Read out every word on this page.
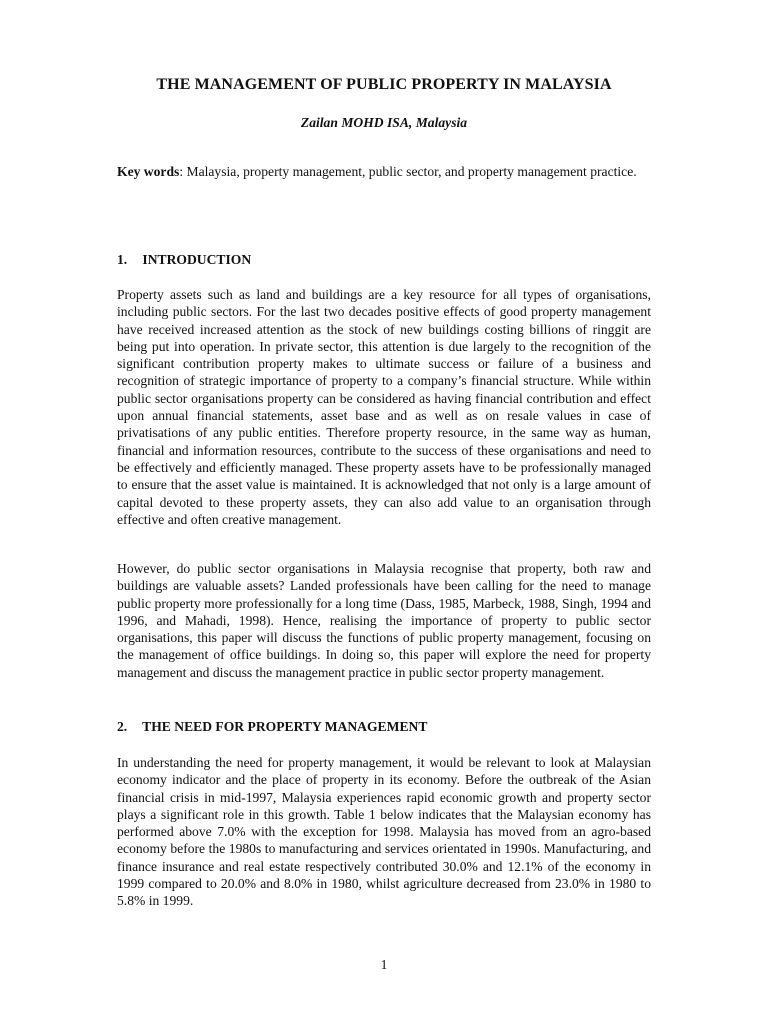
THE MANAGEMENT OF PUBLIC PROPERTY IN MALAYSIA

Zailan MOHD ISA, Malaysia

Key words: Malaysia, property management, public sector, and property management practice.

1. INTRODUCTION

Property assets such as land and buildings are a key resource for all types of organisations, including public sectors. For the last two decades positive effects of good property management have received increased attention as the stock of new buildings costing billions of ringgit are being put into operation. In private sector, this attention is due largely to the recognition of the significant contribution property makes to ultimate success or failure of a business and recognition of strategic importance of property to a company’s financial structure. While within public sector organisations property can be considered as having financial contribution and effect upon annual financial statements, asset base and as well as on resale values in case of privatisations of any public entities. Therefore property resource, in the same way as human, financial and information resources, contribute to the success of these organisations and need to be effectively and efficiently managed. These property assets have to be professionally managed to ensure that the asset value is maintained. It is acknowledged that not only is a large amount of capital devoted to these property assets, they can also add value to an organisation through effective and often creative management.

However, do public sector organisations in Malaysia recognise that property, both raw and buildings are valuable assets? Landed professionals have been calling for the need to manage public property more professionally for a long time (Dass, 1985, Marbeck, 1988, Singh, 1994 and 1996, and Mahadi, 1998). Hence, realising the importance of property to public sector organisations, this paper will discuss the functions of public property management, focusing on the management of office buildings. In doing so, this paper will explore the need for property management and discuss the management practice in public sector property management.

2. THE NEED FOR PROPERTY MANAGEMENT

In understanding the need for property management, it would be relevant to look at Malaysian economy indicator and the place of property in its economy. Before the outbreak of the Asian financial crisis in mid-1997, Malaysia experiences rapid economic growth and property sector plays a significant role in this growth. Table 1 below indicates that the Malaysian economy has performed above 7.0% with the exception for 1998. Malaysia has moved from an agro-based economy before the 1980s to manufacturing and services orientated in 1990s. Manufacturing, and finance insurance and real estate respectively contributed 30.0% and 12.1% of the economy in 1999 compared to 20.0% and 8.0% in 1980, whilst agriculture decreased from 23.0% in 1980 to 5.8% in 1999.

1
